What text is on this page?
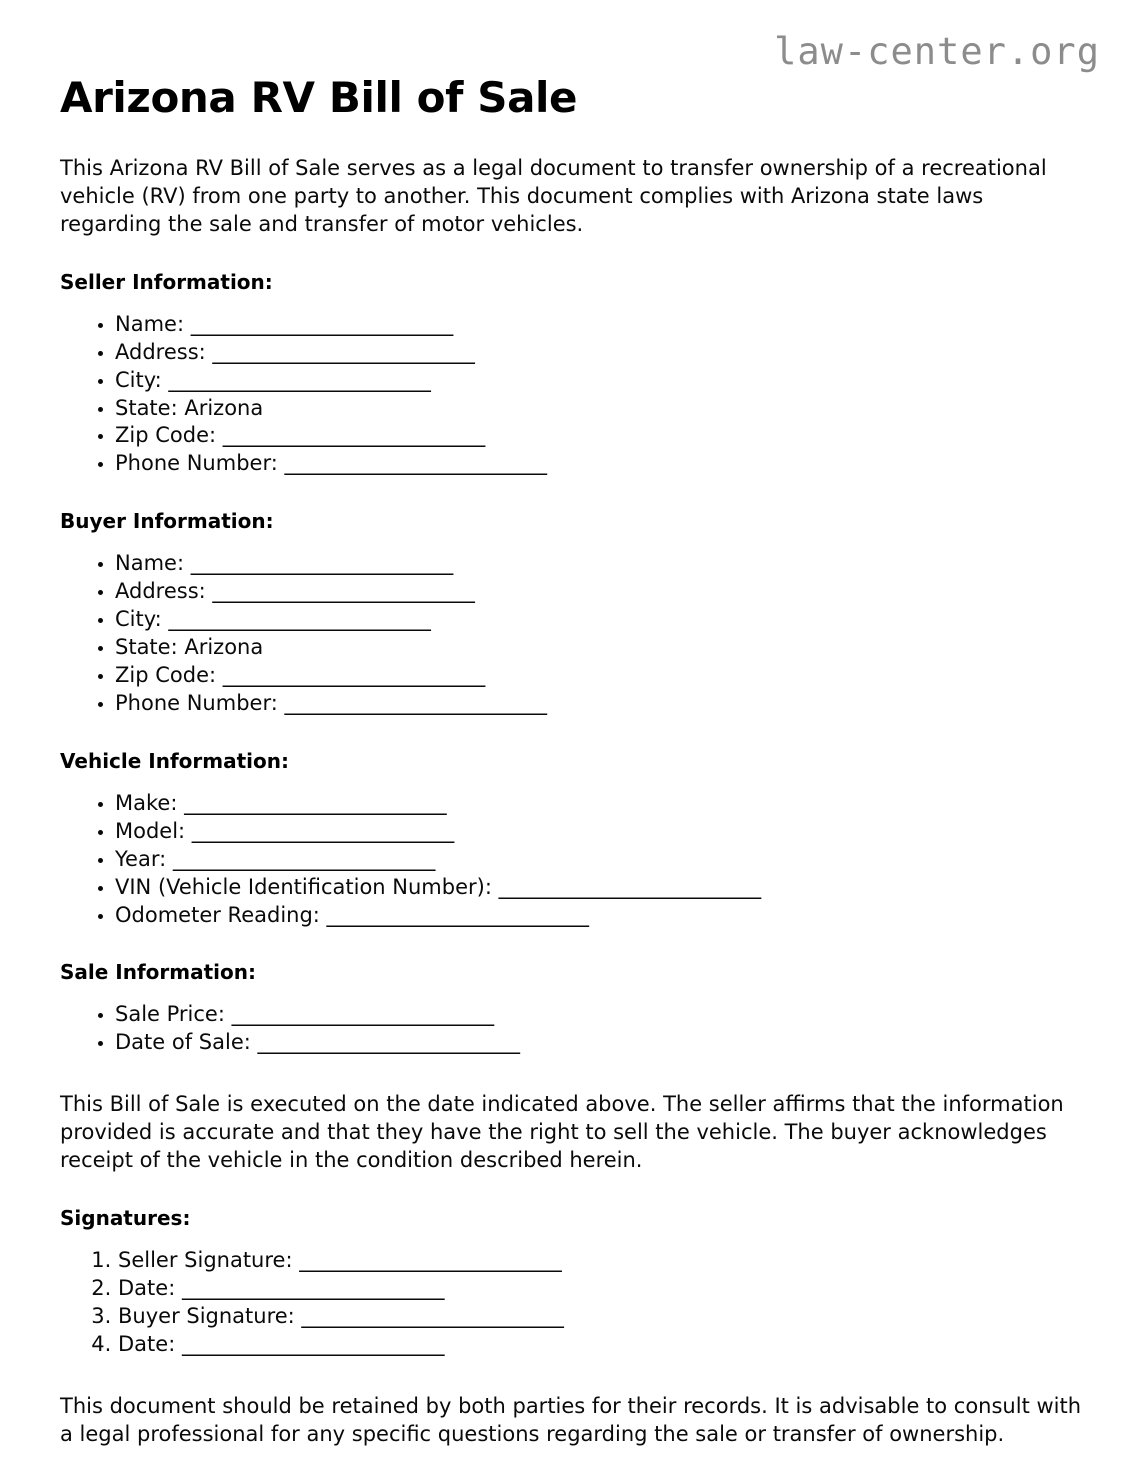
law-center.org
Arizona RV Bill of Sale

This Arizona RV Bill of Sale serves as a legal document to transfer ownership of a recreational vehicle (RV) from one party to another. This document complies with Arizona state laws regarding the sale and transfer of motor vehicles.

Seller Information:
• Name: _________________________
• Address: _________________________
• City: _________________________
• State: Arizona
• Zip Code: _________________________
• Phone Number: _________________________
Buyer Information:
• Name: _________________________
• Address: _________________________
• City: _________________________
• State: Arizona
• Zip Code: _________________________
• Phone Number: _________________________
Vehicle Information:
• Make: _________________________
• Model: _________________________
• Year: _________________________
• VIN (Vehicle Identification Number): _________________________
• Odometer Reading: _________________________
Sale Information:
• Sale Price: _________________________
• Date of Sale: _________________________

This Bill of Sale is executed on the date indicated above. The seller affirms that the information provided is accurate and that they have the right to sell the vehicle. The buyer acknowledges receipt of the vehicle in the condition described herein.

Signatures:
1. Seller Signature: _________________________
2. Date: _________________________
3. Buyer Signature: _________________________
4. Date: _________________________

This document should be retained by both parties for their records. It is advisable to consult with a legal professional for any specific questions regarding the sale or transfer of ownership.
